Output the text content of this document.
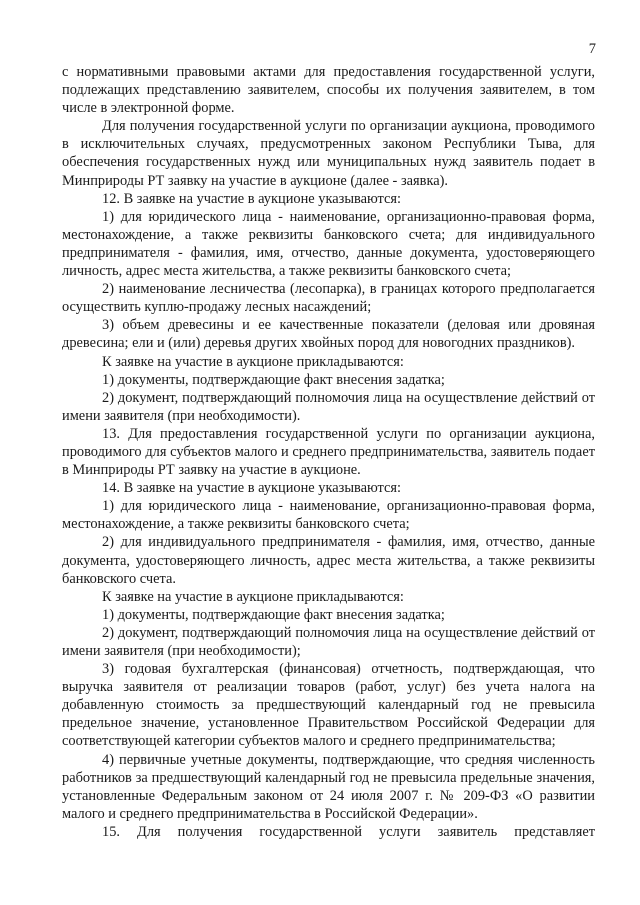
7

с нормативными правовыми актами для предоставления государственной услуги, подлежащих представлению заявителем, способы их получения заявителем, в том числе в электронной форме.

Для получения государственной услуги по организации аукциона, проводимого в исключительных случаях, предусмотренных законом Республики Тыва, для обеспечения государственных нужд или муниципальных нужд заявитель подает в Минприроды РТ заявку на участие в аукционе (далее - заявка).

12. В заявке на участие в аукционе указываются:

1) для юридического лица - наименование, организационно-правовая форма, местонахождение, а также реквизиты банковского счета; для индивидуального предпринимателя - фамилия, имя, отчество, данные документа, удостоверяющего личность, адрес места жительства, а также реквизиты банковского счета;

2) наименование лесничества (лесопарка), в границах которого предполагается осуществить куплю-продажу лесных насаждений;

3) объем древесины и ее качественные показатели (деловая или дровяная древесина; ели и (или) деревья других хвойных пород для новогодних праздников).

К заявке на участие в аукционе прикладываются:

1) документы, подтверждающие факт внесения задатка;

2) документ, подтверждающий полномочия лица на осуществление действий от имени заявителя (при необходимости).

13. Для предоставления государственной услуги по организации аукциона, проводимого для субъектов малого и среднего предпринимательства, заявитель подает в Минприроды РТ заявку на участие в аукционе.

14. В заявке на участие в аукционе указываются:

1) для юридического лица - наименование, организационно-правовая форма, местонахождение, а также реквизиты банковского счета;

2) для индивидуального предпринимателя - фамилия, имя, отчество, данные документа, удостоверяющего личность, адрес места жительства, а также реквизиты банковского счета.

К заявке на участие в аукционе прикладываются:

1) документы, подтверждающие факт внесения задатка;

2) документ, подтверждающий полномочия лица на осуществление действий от имени заявителя (при необходимости);

3) годовая бухгалтерская (финансовая) отчетность, подтверждающая, что выручка заявителя от реализации товаров (работ, услуг) без учета налога на добавленную стоимость за предшествующий календарный год не превысила предельное значение, установленное Правительством Российской Федерации для соответствующей категории субъектов малого и среднего предпринимательства;

4) первичные учетные документы, подтверждающие, что средняя численность работников за предшествующий календарный год не превысила предельные значения, установленные Федеральным законом от 24 июля 2007 г. № 209-ФЗ «О развитии малого и среднего предпринимательства в Российской Федерации».

15. Для получения государственной услуги заявитель представляет
